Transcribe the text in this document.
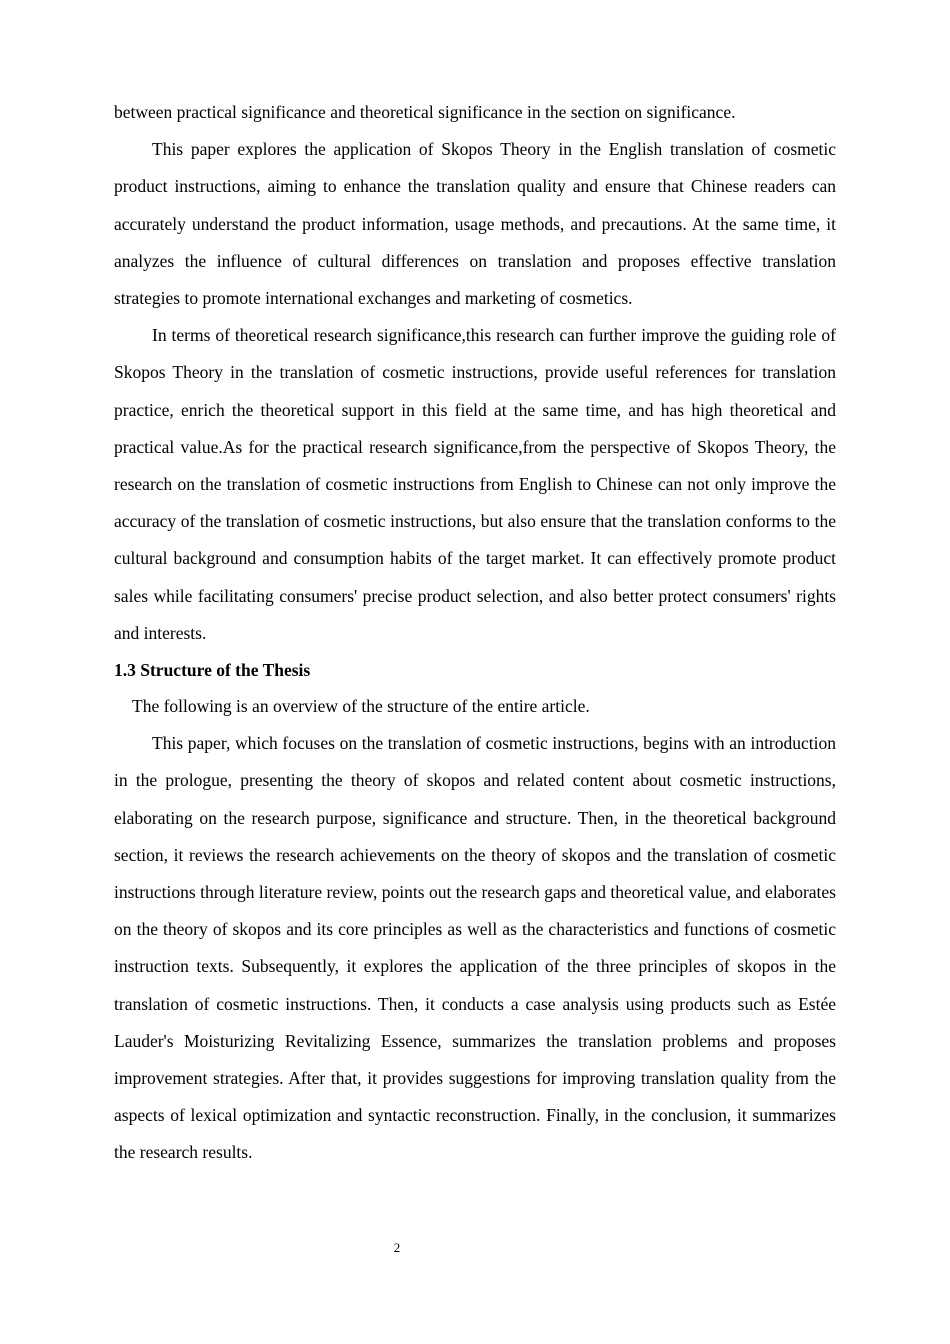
between practical significance and theoretical significance in the section on significance.

This paper explores the application of Skopos Theory in the English translation of cosmetic product instructions, aiming to enhance the translation quality and ensure that Chinese readers can accurately understand the product information, usage methods, and precautions. At the same time, it analyzes the influence of cultural differences on translation and proposes effective translation strategies to promote international exchanges and marketing of cosmetics.

In terms of theoretical research significance,this research can further improve the guiding role of Skopos Theory in the translation of cosmetic instructions, provide useful references for translation practice, enrich the theoretical support in this field at the same time, and has high theoretical and practical value.As for the practical research significance,from the perspective of Skopos Theory, the research on the translation of cosmetic instructions from English to Chinese can not only improve the accuracy of the translation of cosmetic instructions, but also ensure that the translation conforms to the cultural background and consumption habits of the target market. It can effectively promote product sales while facilitating consumers' precise product selection, and also better protect consumers' rights and interests.

1.3 Structure of the Thesis

The following is an overview of the structure of the entire article.

This paper, which focuses on the translation of cosmetic instructions, begins with an introduction in the prologue, presenting the theory of skopos and related content about cosmetic instructions, elaborating on the research purpose, significance and structure. Then, in the theoretical background section, it reviews the research achievements on the theory of skopos and the translation of cosmetic instructions through literature review, points out the research gaps and theoretical value, and elaborates on the theory of skopos and its core principles as well as the characteristics and functions of cosmetic instruction texts. Subsequently, it explores the application of the three principles of skopos in the translation of cosmetic instructions. Then, it conducts a case analysis using products such as Estée Lauder's Moisturizing Revitalizing Essence, summarizes the translation problems and proposes improvement strategies. After that, it provides suggestions for improving translation quality from the aspects of lexical optimization and syntactic reconstruction. Finally, in the conclusion, it summarizes the research results.

2
